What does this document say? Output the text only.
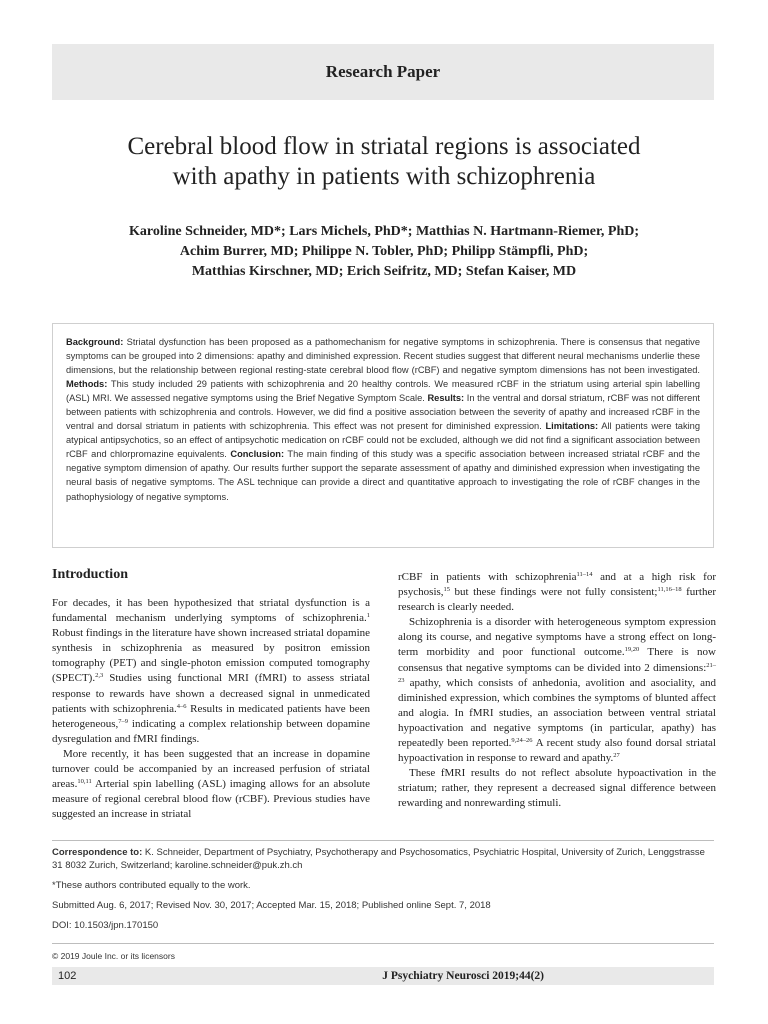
Research Paper
Cerebral blood flow in striatal regions is associated
with apathy in patients with schizophrenia
Karoline Schneider, MD*; Lars Michels, PhD*; Matthias N. Hartmann-Riemer, PhD;
Achim Burrer, MD; Philippe N. Tobler, PhD; Philipp Stämpfli, PhD;
Matthias Kirschner, MD; Erich Seifritz, MD; Stefan Kaiser, MD
Background: Striatal dysfunction has been proposed as a pathomechanism for negative symptoms in schizophrenia. There is consensus that negative symptoms can be grouped into 2 dimensions: apathy and diminished expression. Recent studies suggest that different neural mechanisms underlie these dimensions, but the relationship between regional resting-state cerebral blood flow (rCBF) and negative symptom dimensions has not been investigated. Methods: This study included 29 patients with schizophrenia and 20 healthy controls. We measured rCBF in the striatum using arterial spin labelling (ASL) MRI. We assessed negative symptoms using the Brief Negative Symptom Scale. Results: In the ventral and dorsal striatum, rCBF was not different between patients with schizophrenia and controls. However, we did find a positive association between the severity of apathy and increased rCBF in the ventral and dorsal striatum in patients with schizophrenia. This effect was not present for diminished expression. Limitations: All patients were taking atypical antipsychotics, so an effect of antipsychotic medication on rCBF could not be excluded, although we did not find a significant association between rCBF and chlorpromazine equivalents. Conclusion: The main finding of this study was a specific association between increased striatal rCBF and the negative symptom dimension of apathy. Our results further support the separate assessment of apathy and diminished expression when investigating the neural basis of negative symptoms. The ASL technique can provide a direct and quantitative approach to investigating the role of rCBF changes in the pathophysiology of negative symptoms.
Introduction

For decades, it has been hypothesized that striatal dysfunction is a fundamental mechanism underlying symptoms of schizophrenia.$^1$ Robust findings in the literature have shown increased striatal dopamine synthesis in schizophrenia as measured by positron emission tomography (PET) and single-photon emission computed tomography (SPECT).$^{2,3}$ Studies using functional MRI (fMRI) to assess striatal response to rewards have shown a decreased signal in unmedicated patients with schizophrenia.$^{4-6}$ Results in medicated patients have been heterogeneous,$^{7-9}$ indicating a complex relationship between dopamine dysregulation and fMRI findings.

More recently, it has been suggested that an increase in dopamine turnover could be accompanied by an increased perfusion of striatal areas.$^{10,11}$ Arterial spin labelling (ASL) imaging allows for an absolute measure of regional cerebral blood flow (rCBF). Previous studies have suggested an increase in striatal

rCBF in patients with schizophrenia$^{11-14}$ and at a high risk for psychosis,$^{15}$ but these findings were not fully consistent;$^{11,16-18}$ further research is clearly needed.

Schizophrenia is a disorder with heterogeneous symptom expression along its course, and negative symptoms have a strong effect on long-term morbidity and poor functional outcome.$^{19,20}$ There is now consensus that negative symptoms can be divided into 2 dimensions:$^{21-23}$ apathy, which consists of anhedonia, avolition and asociality, and diminished expression, which combines the symptoms of blunted affect and alogia. In fMRI studies, an association between ventral striatal hypoactivation and negative symptoms (in particular, apathy) has repeatedly been reported.$^{9,24-26}$ A recent study also found dorsal striatal hypoactivation in response to reward and apathy.$^{27}$

These fMRI results do not reflect absolute hypoactivation in the striatum; rather, they represent a decreased signal difference between rewarding and nonrewarding stimuli.

Correspondence to: K. Schneider, Department of Psychiatry, Psychotherapy and Psychosomatics, Psychiatric Hospital, University of Zurich, Lenggstrasse 31 8032 Zurich, Switzerland; karoline.schneider@puk.zh.ch

*These authors contributed equally to the work.

Submitted Aug. 6, 2017; Revised Nov. 30, 2017; Accepted Mar. 15, 2018; Published online Sept. 7, 2018

DOI: 10.1503/jpn.170150

© 2019 Joule Inc. or its licensors
102	J Psychiatry Neurosci 2019;44(2)
